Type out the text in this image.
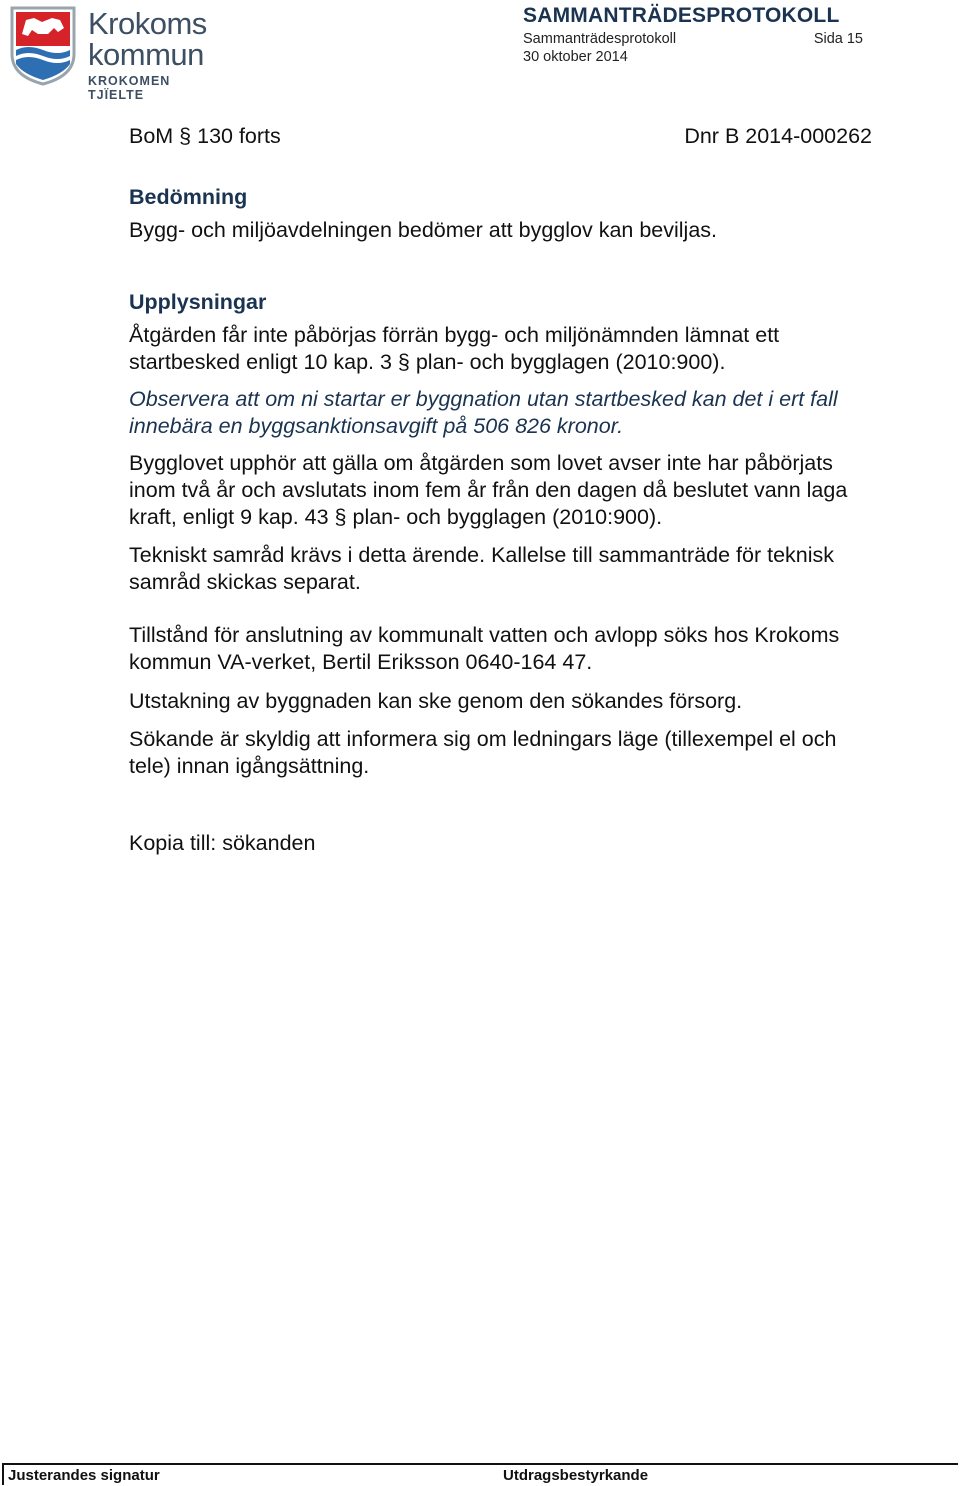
Krokoms
kommun
KROKOMEN TJÏELTE
SAMMANTRÄDESPROTOKOLL
Sammanträdesprotokoll	Sida 15
30 oktober 2014
BoM § 130 forts	Dnr B 2014-000262

Bedömning

Bygg- och miljöavdelningen bedömer att bygglov kan beviljas.

Upplysningar

Åtgärden får inte påbörjas förrän bygg- och miljönämnden lämnat ett startbesked enligt 10 kap. 3 § plan- och bygglagen (2010:900).

Observera att om ni startar er byggnation utan startbesked kan det i ert fall innebära en byggsanktionsavgift på 506 826 kronor.

Bygglovet upphör att gälla om åtgärden som lovet avser inte har påbörjats inom två år och avslutats inom fem år från den dagen då beslutet vann laga kraft, enligt 9 kap. 43 § plan- och bygglagen (2010:900).

Tekniskt samråd krävs i detta ärende. Kallelse till sammanträde för teknisk samråd skickas separat.

Tillstånd för anslutning av kommunalt vatten och avlopp söks hos Krokoms kommun VA-verket, Bertil Eriksson 0640-164 47.

Utstakning av byggnaden kan ske genom den sökandes försorg.

Sökande är skyldig att informera sig om ledningars läge (tillexempel el och tele) innan igångsättning.

Kopia till: sökanden

Justerandes signatur	Utdragsbestyrkande
